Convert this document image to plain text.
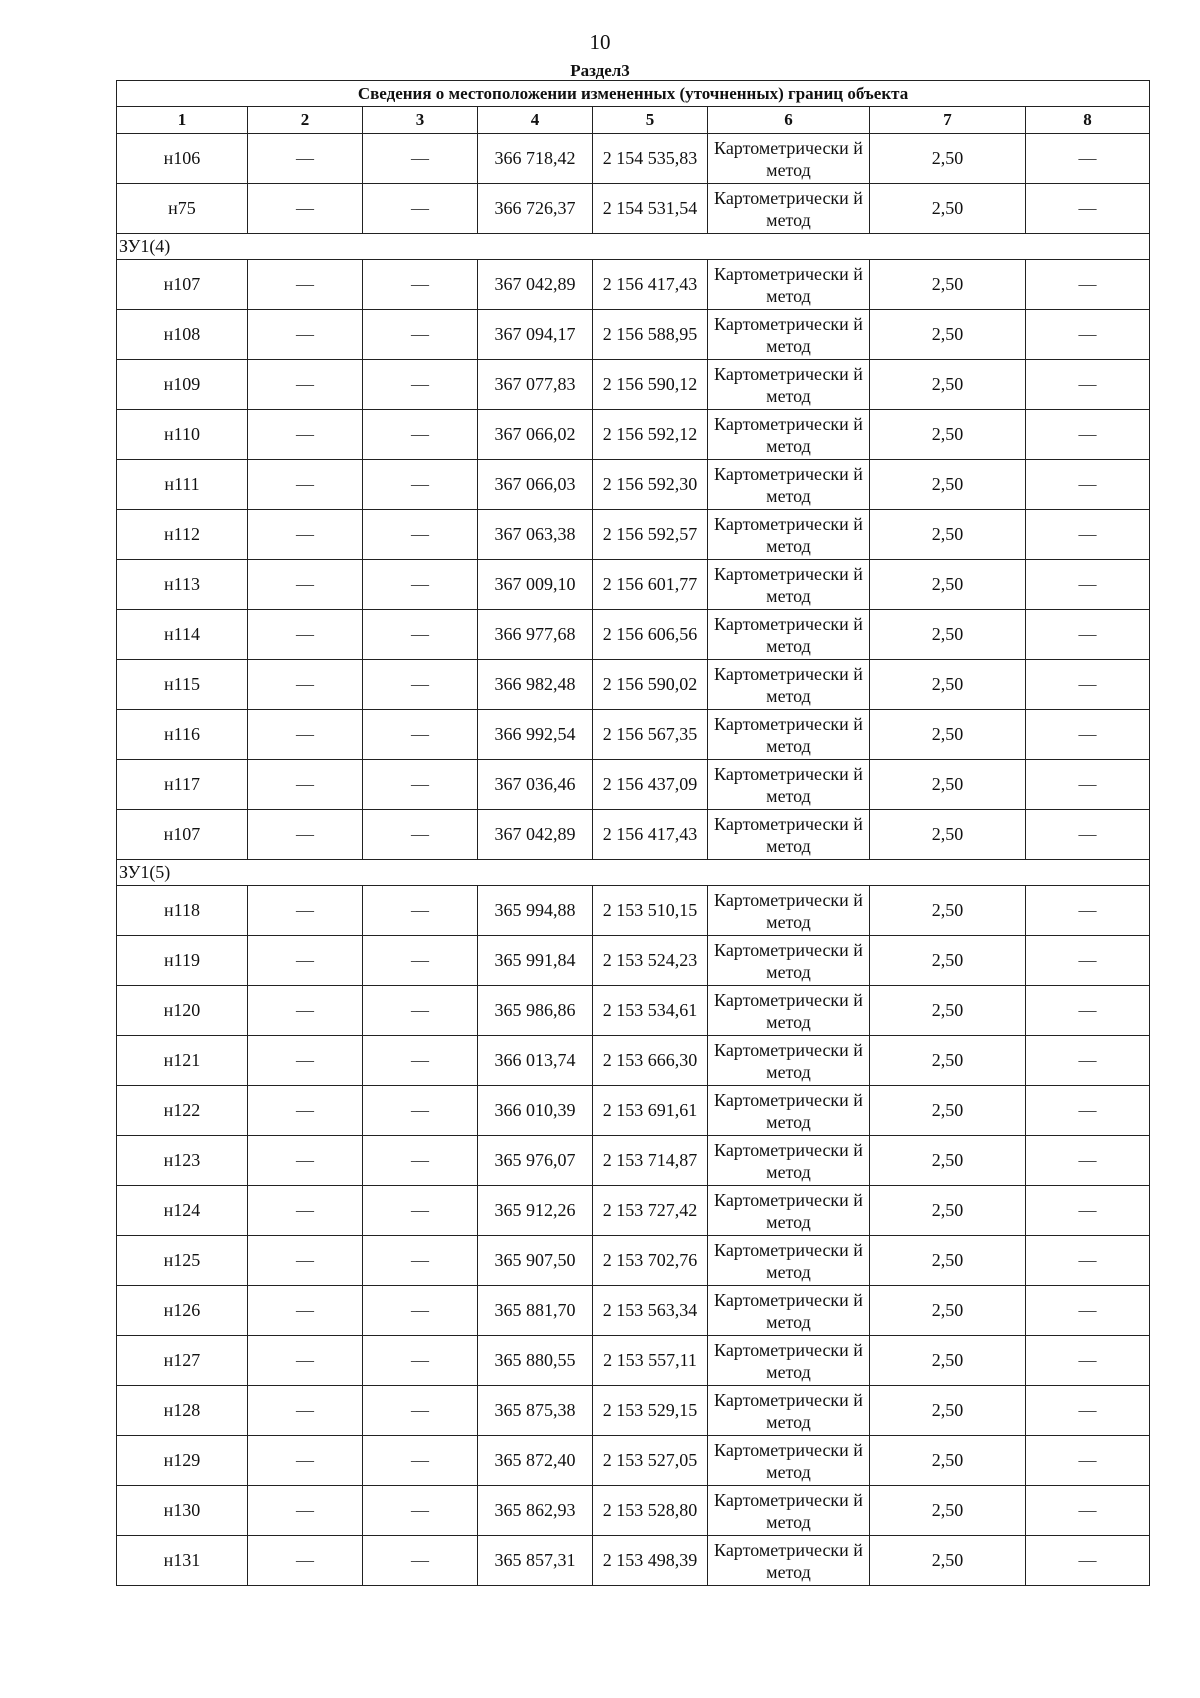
10
Раздел3
Сведения о местоположении измененных (уточненных) границ объекта							
1	2	3	4	5	6	7	8
н106	—	—	366 718,42	2 154 535,83	Картометрически й метод	2,50	—
н75	—	—	366 726,37	2 154 531,54	Картометрически й метод	2,50	—
ЗУ1(4)							
н107	—	—	367 042,89	2 156 417,43	Картометрически й метод	2,50	—
н108	—	—	367 094,17	2 156 588,95	Картометрически й метод	2,50	—
н109	—	—	367 077,83	2 156 590,12	Картометрически й метод	2,50	—
н110	—	—	367 066,02	2 156 592,12	Картометрически й метод	2,50	—
н111	—	—	367 066,03	2 156 592,30	Картометрически й метод	2,50	—
н112	—	—	367 063,38	2 156 592,57	Картометрически й метод	2,50	—
н113	—	—	367 009,10	2 156 601,77	Картометрически й метод	2,50	—
н114	—	—	366 977,68	2 156 606,56	Картометрически й метод	2,50	—
н115	—	—	366 982,48	2 156 590,02	Картометрически й метод	2,50	—
н116	—	—	366 992,54	2 156 567,35	Картометрически й метод	2,50	—
н117	—	—	367 036,46	2 156 437,09	Картометрически й метод	2,50	—
н107	—	—	367 042,89	2 156 417,43	Картометрически й метод	2,50	—
ЗУ1(5)							
н118	—	—	365 994,88	2 153 510,15	Картометрически й метод	2,50	—
н119	—	—	365 991,84	2 153 524,23	Картометрически й метод	2,50	—
н120	—	—	365 986,86	2 153 534,61	Картометрически й метод	2,50	—
н121	—	—	366 013,74	2 153 666,30	Картометрически й метод	2,50	—
н122	—	—	366 010,39	2 153 691,61	Картометрически й метод	2,50	—
н123	—	—	365 976,07	2 153 714,87	Картометрически й метод	2,50	—
н124	—	—	365 912,26	2 153 727,42	Картометрически й метод	2,50	—
н125	—	—	365 907,50	2 153 702,76	Картометрически й метод	2,50	—
н126	—	—	365 881,70	2 153 563,34	Картометрически й метод	2,50	—
н127	—	—	365 880,55	2 153 557,11	Картометрически й метод	2,50	—
н128	—	—	365 875,38	2 153 529,15	Картометрически й метод	2,50	—
н129	—	—	365 872,40	2 153 527,05	Картометрически й метод	2,50	—
н130	—	—	365 862,93	2 153 528,80	Картометрически й метод	2,50	—
н131	—	—	365 857,31	2 153 498,39	Картометрически й метод	2,50	—
